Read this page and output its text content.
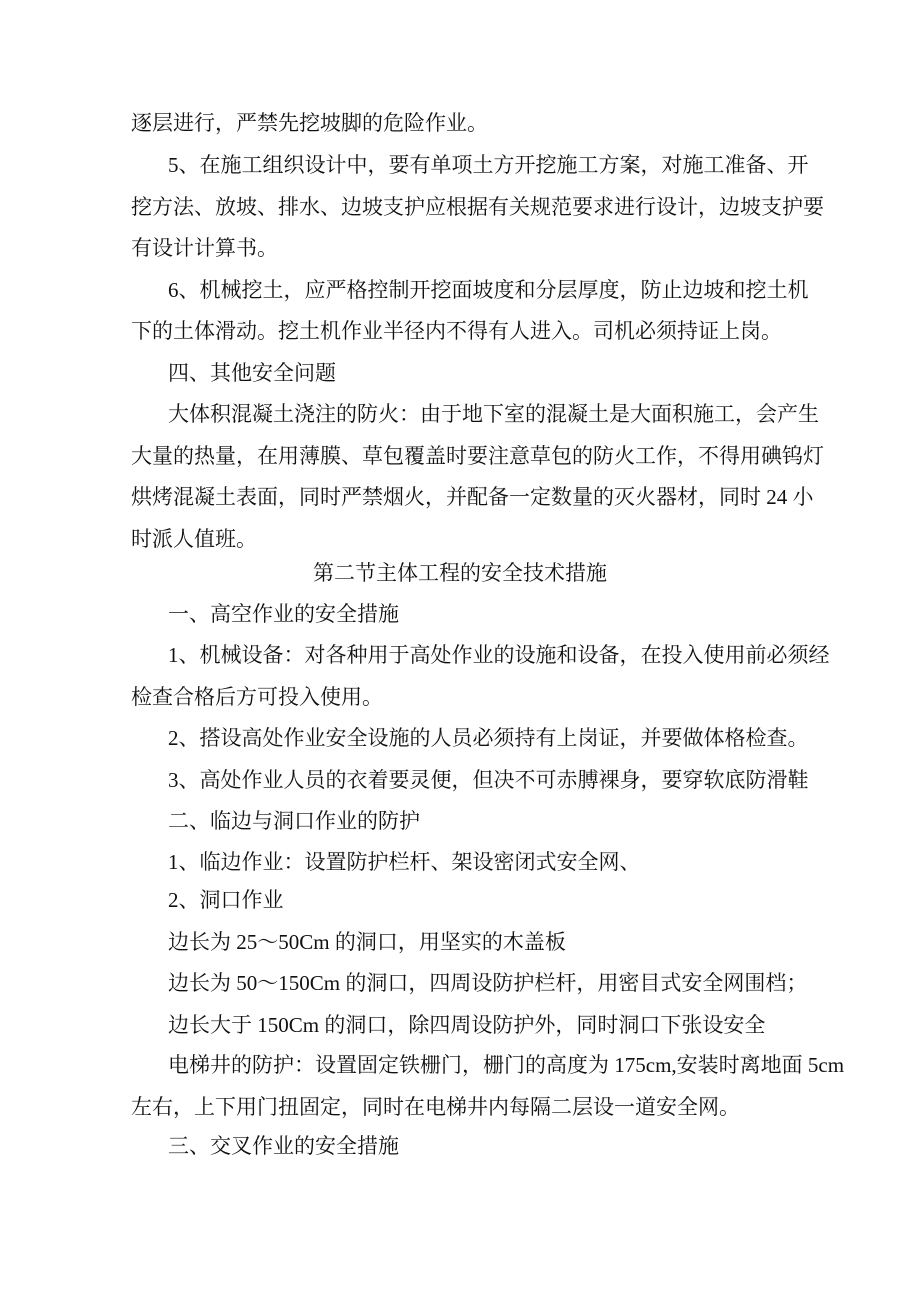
逐层进行，严禁先挖坡脚的危险作业。
5、在施工组织设计中，要有单项土方开挖施工方案，对施工准备、开
挖方法、放坡、排水、边坡支护应根据有关规范要求进行设计，边坡支护要
有设计计算书。
6、机械挖土，应严格控制开挖面坡度和分层厚度，防止边坡和挖土机
下的土体滑动。挖土机作业半径内不得有人进入。司机必须持证上岗。
四、其他安全问题
大体积混凝土浇注的防火：由于地下室的混凝土是大面积施工，会产生
大量的热量，在用薄膜、草包覆盖时要注意草包的防火工作，不得用碘钨灯
烘烤混凝土表面，同时严禁烟火，并配备一定数量的灭火器材，同时 24 小
时派人值班。
第二节主体工程的安全技术措施
一、高空作业的安全措施
1、机械设备：对各种用于高处作业的设施和设备，在投入使用前必须经
检查合格后方可投入使用。
2、搭设高处作业安全设施的人员必须持有上岗证，并要做体格检查。
3、高处作业人员的衣着要灵便，但决不可赤膊裸身，要穿软底防滑鞋
二、临边与洞口作业的防护
1、临边作业：设置防护栏杆、架设密闭式安全网、
2、洞口作业
边长为 25～50Cm 的洞口，用坚实的木盖板
边长为 50～150Cm 的洞口，四周设防护栏杆，用密目式安全网围档；
边长大于 150Cm 的洞口，除四周设防护外，同时洞口下张设安全
电梯井的防护：设置固定铁栅门，栅门的高度为 175cm,安装时离地面 5cm
左右，上下用门扭固定，同时在电梯井内每隔二层设一道安全网。
三、交叉作业的安全措施
